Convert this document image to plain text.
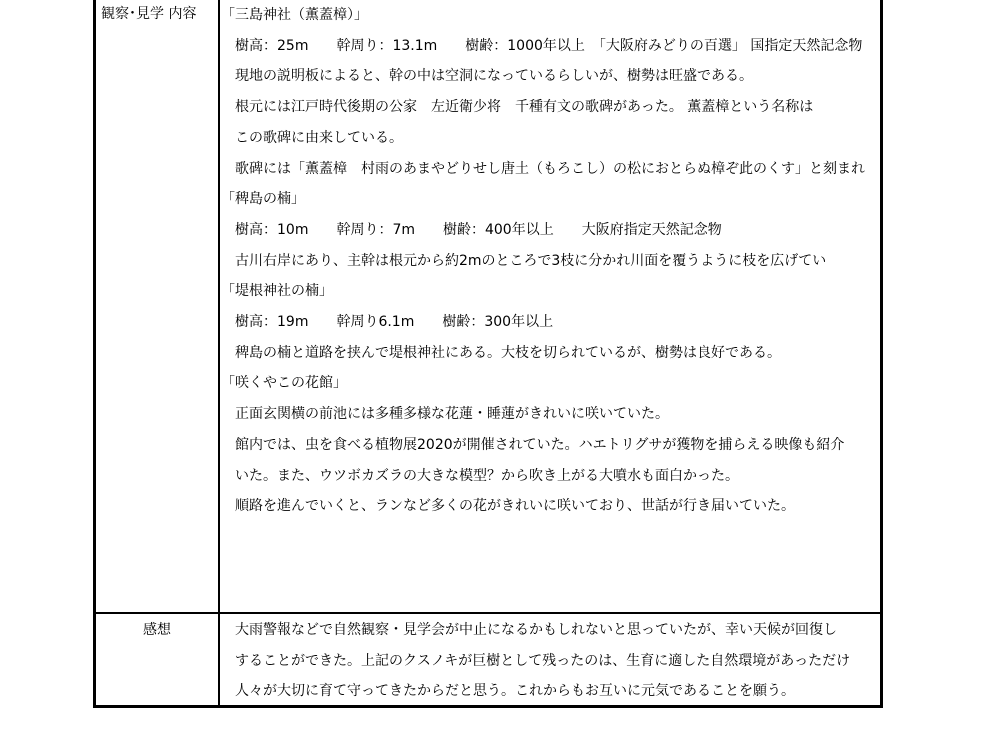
観察･見学 内容
感想
「三島神社（薫蓋樟）」
樹高：25m　　幹周り：13.1m　　樹齢：1000年以上　「大阪府みどりの百選」 国指定天然記念物
現地の説明板によると、幹の中は空洞になっているらしいが、樹勢は旺盛である。
根元には江戸時代後期の公家　左近衛少将　千種有文の歌碑があった。 薫蓋樟という名称は
この歌碑に由来している。
歌碑には「薫蓋樟　村雨のあまやどりせし唐土（もろこし）の松におとらぬ樟ぞ此のくす」と刻まれ
「稗島の楠」
樹高：10m　　幹周り：7m　　樹齢：400年以上　　大阪府指定天然記念物
古川右岸にあり、主幹は根元から約2mのところで3枝に分かれ川面を覆うように枝を広げてい
「堤根神社の楠」
樹高：19m　　幹周り6.1m　　樹齢：300年以上
稗島の楠と道路を挟んで堤根神社にある。大枝を切られているが、樹勢は良好である。
「咲くやこの花館」
正面玄関横の前池には多種多様な花蓮・睡蓮がきれいに咲いていた。
館内では、虫を食べる植物展2020が開催されていた。ハエトリグサが獲物を捕らえる映像も紹介
いた。また、ウツボカズラの大きな模型？から吹き上がる大噴水も面白かった。
順路を進んでいくと、ランなど多くの花がきれいに咲いており、世話が行き届いていた。
大雨警報などで自然観察・見学会が中止になるかもしれないと思っていたが、幸い天候が回復し
することができた。上記のクスノキが巨樹として残ったのは、生育に適した自然環境があっただけ
人々が大切に育て守ってきたからだと思う。これからもお互いに元気であることを願う。
